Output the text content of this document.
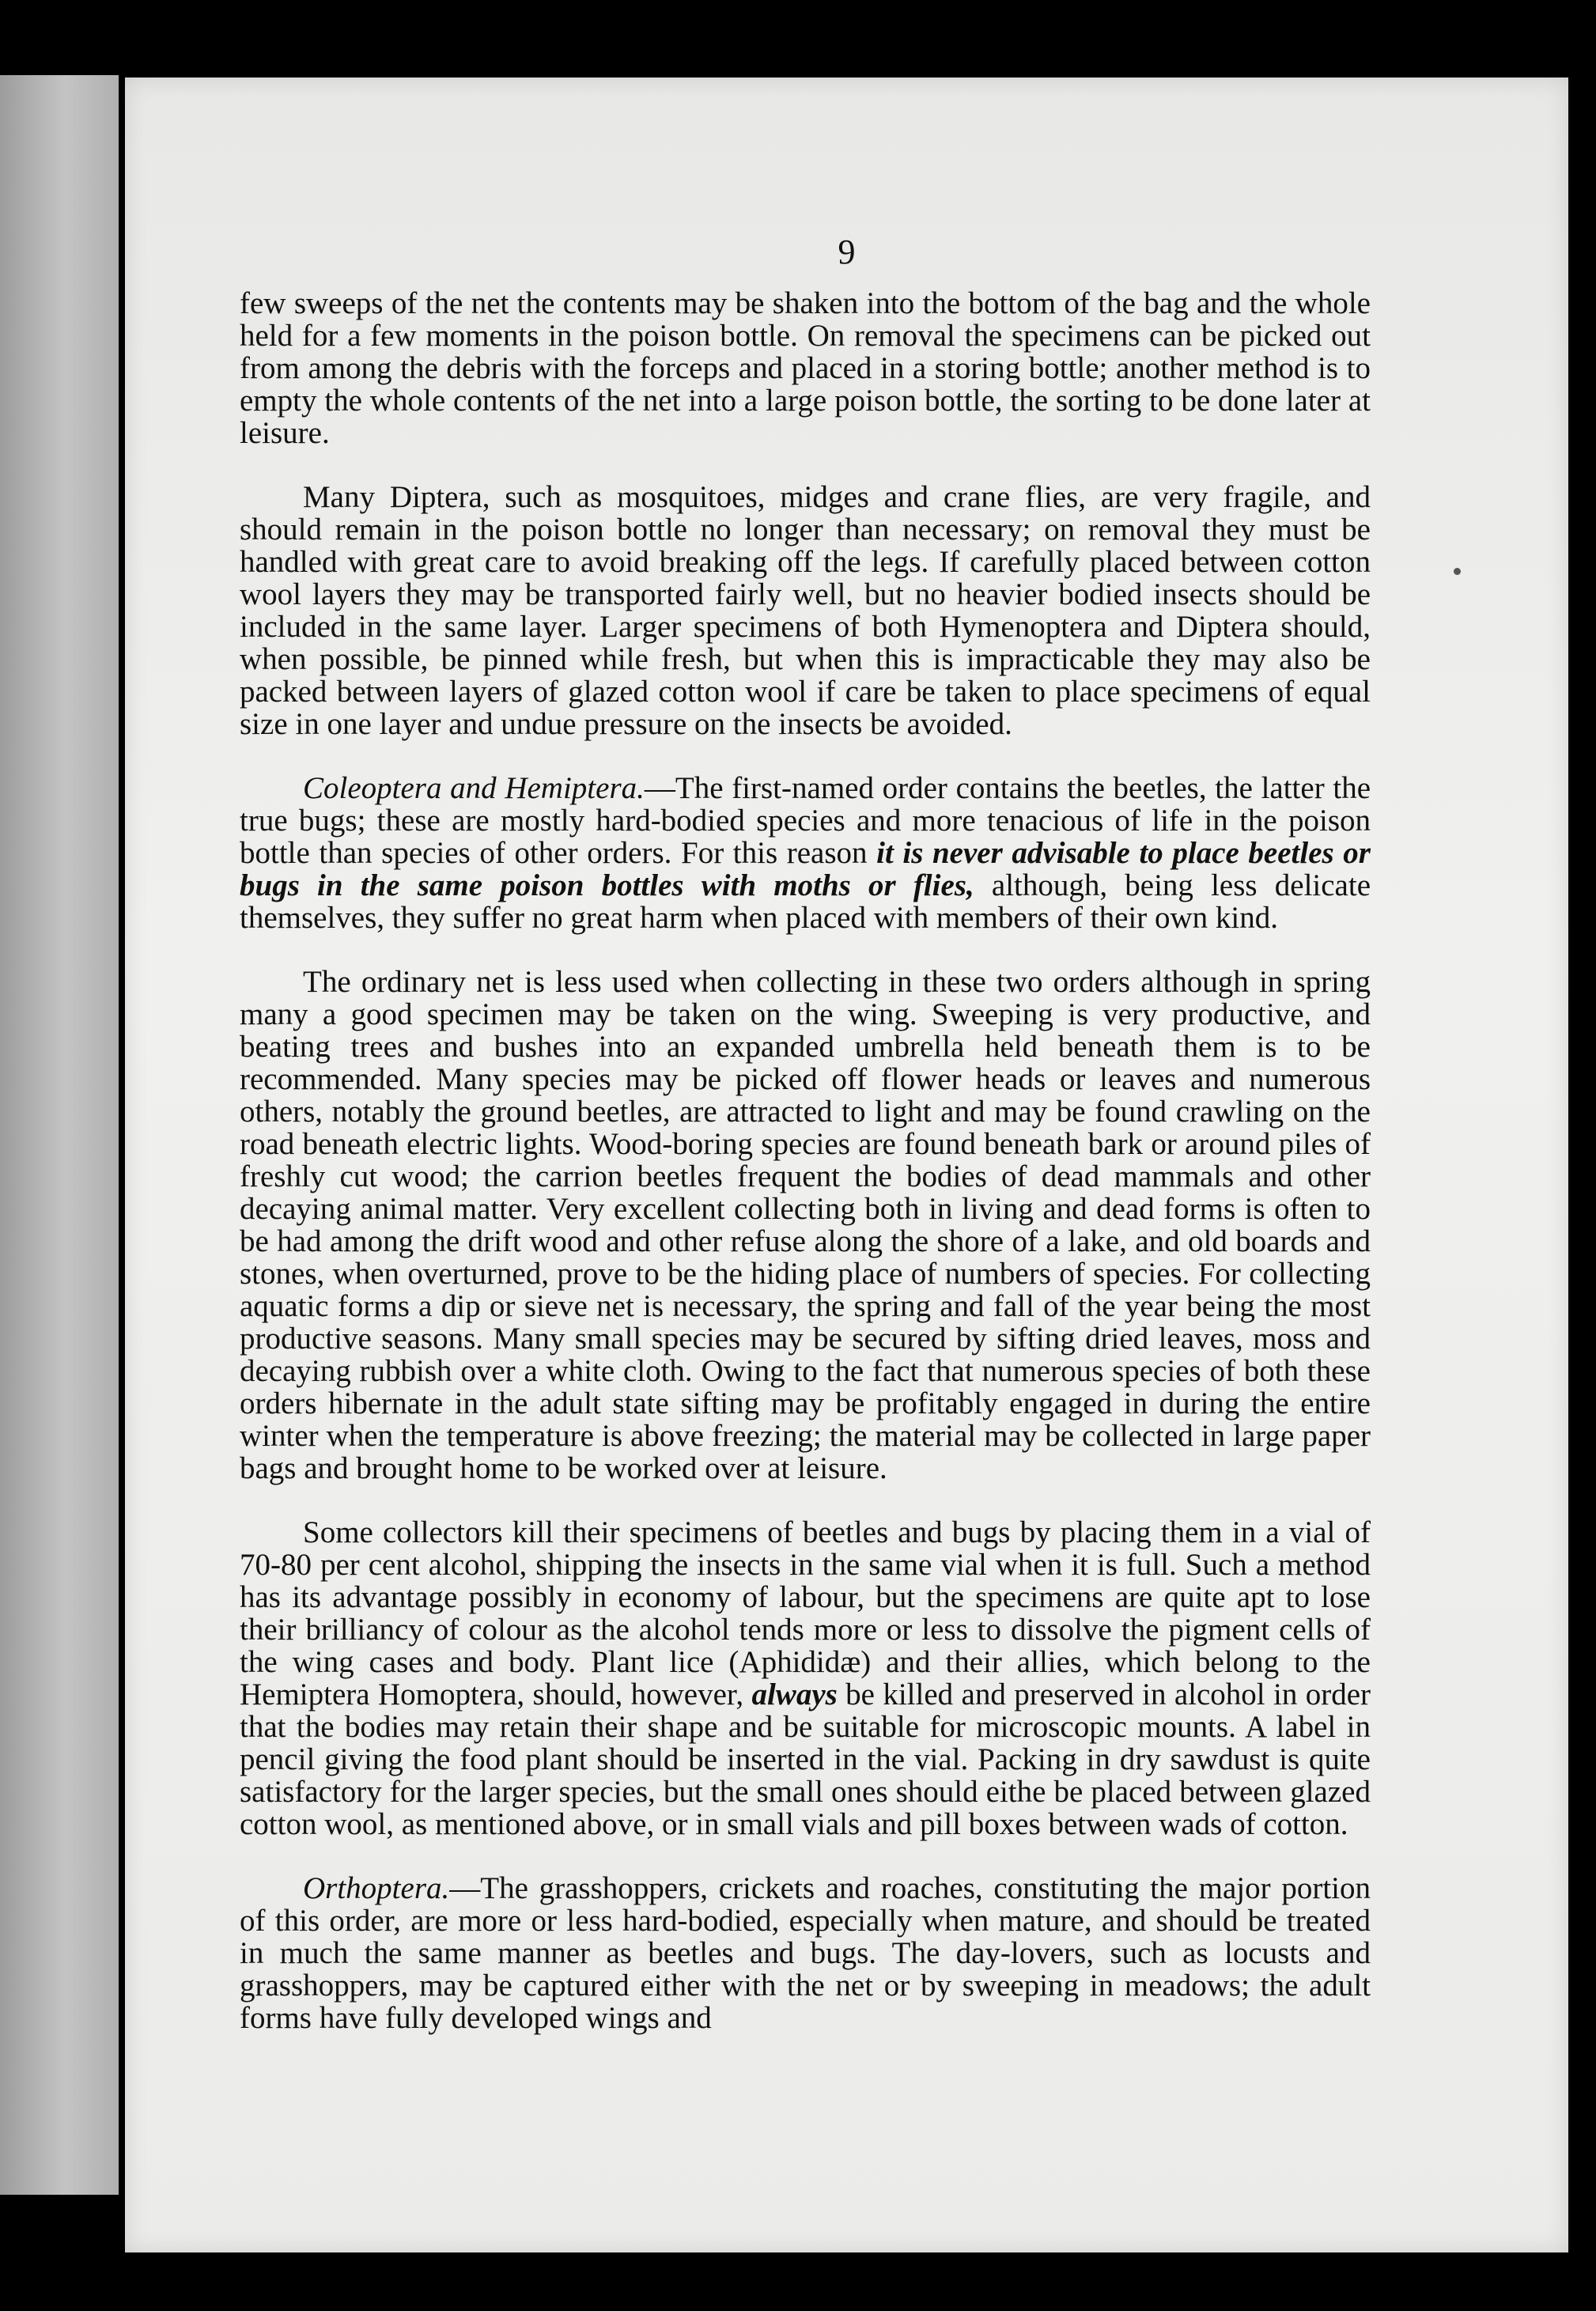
9

few sweeps of the net the contents may be shaken into the bottom of the bag and the whole held for a few moments in the poison bottle. On removal the specimens can be picked out from among the debris with the forceps and placed in a storing bottle; another method is to empty the whole contents of the net into a large poison bottle, the sorting to be done later at leisure.

Many Diptera, such as mosquitoes, midges and crane flies, are very fragile, and should remain in the poison bottle no longer than necessary; on removal they must be handled with great care to avoid breaking off the legs. If carefully placed between cotton wool layers they may be transported fairly well, but no heavier bodied insects should be included in the same layer. Larger specimens of both Hymenoptera and Diptera should, when possible, be pinned while fresh, but when this is impracticable they may also be packed between layers of glazed cotton wool if care be taken to place specimens of equal size in one layer and undue pressure on the insects be avoided.

Coleoptera and Hemiptera.—The first-named order contains the beetles, the latter the true bugs; these are mostly hard-bodied species and more tenacious of life in the poison bottle than species of other orders. For this reason it is never advisable to place beetles or bugs in the same poison bottles with moths or flies, although, being less delicate themselves, they suffer no great harm when placed with members of their own kind.

The ordinary net is less used when collecting in these two orders although in spring many a good specimen may be taken on the wing. Sweeping is very productive, and beating trees and bushes into an expanded umbrella held beneath them is to be recommended. Many species may be picked off flower heads or leaves and numerous others, notably the ground beetles, are attracted to light and may be found crawling on the road beneath electric lights. Wood-boring species are found beneath bark or around piles of freshly cut wood; the carrion beetles frequent the bodies of dead mammals and other decaying animal matter. Very excellent collecting both in living and dead forms is often to be had among the drift wood and other refuse along the shore of a lake, and old boards and stones, when overturned, prove to be the hiding place of numbers of species. For collecting aquatic forms a dip or sieve net is necessary, the spring and fall of the year being the most productive seasons. Many small species may be secured by sifting dried leaves, moss and decaying rubbish over a white cloth. Owing to the fact that numerous species of both these orders hibernate in the adult state sifting may be profitably engaged in during the entire winter when the temperature is above freezing; the material may be collected in large paper bags and brought home to be worked over at leisure.

Some collectors kill their specimens of beetles and bugs by placing them in a vial of 70-80 per cent alcohol, shipping the insects in the same vial when it is full. Such a method has its advantage possibly in economy of labour, but the specimens are quite apt to lose their brilliancy of colour as the alcohol tends more or less to dissolve the pigment cells of the wing cases and body. Plant lice (Aphididæ) and their allies, which belong to the Hemiptera Homoptera, should, however, always be killed and preserved in alcohol in order that the bodies may retain their shape and be suitable for microscopic mounts. A label in pencil giving the food plant should be inserted in the vial. Packing in dry sawdust is quite satisfactory for the larger species, but the small ones should eithe be placed between glazed cotton wool, as mentioned above, or in small vials and pill boxes between wads of cotton.

Orthoptera.—The grasshoppers, crickets and roaches, constituting the major portion of this order, are more or less hard-bodied, especially when mature, and should be treated in much the same manner as beetles and bugs. The day-lovers, such as locusts and grasshoppers, may be captured either with the net or by sweeping in meadows; the adult forms have fully developed wings and
